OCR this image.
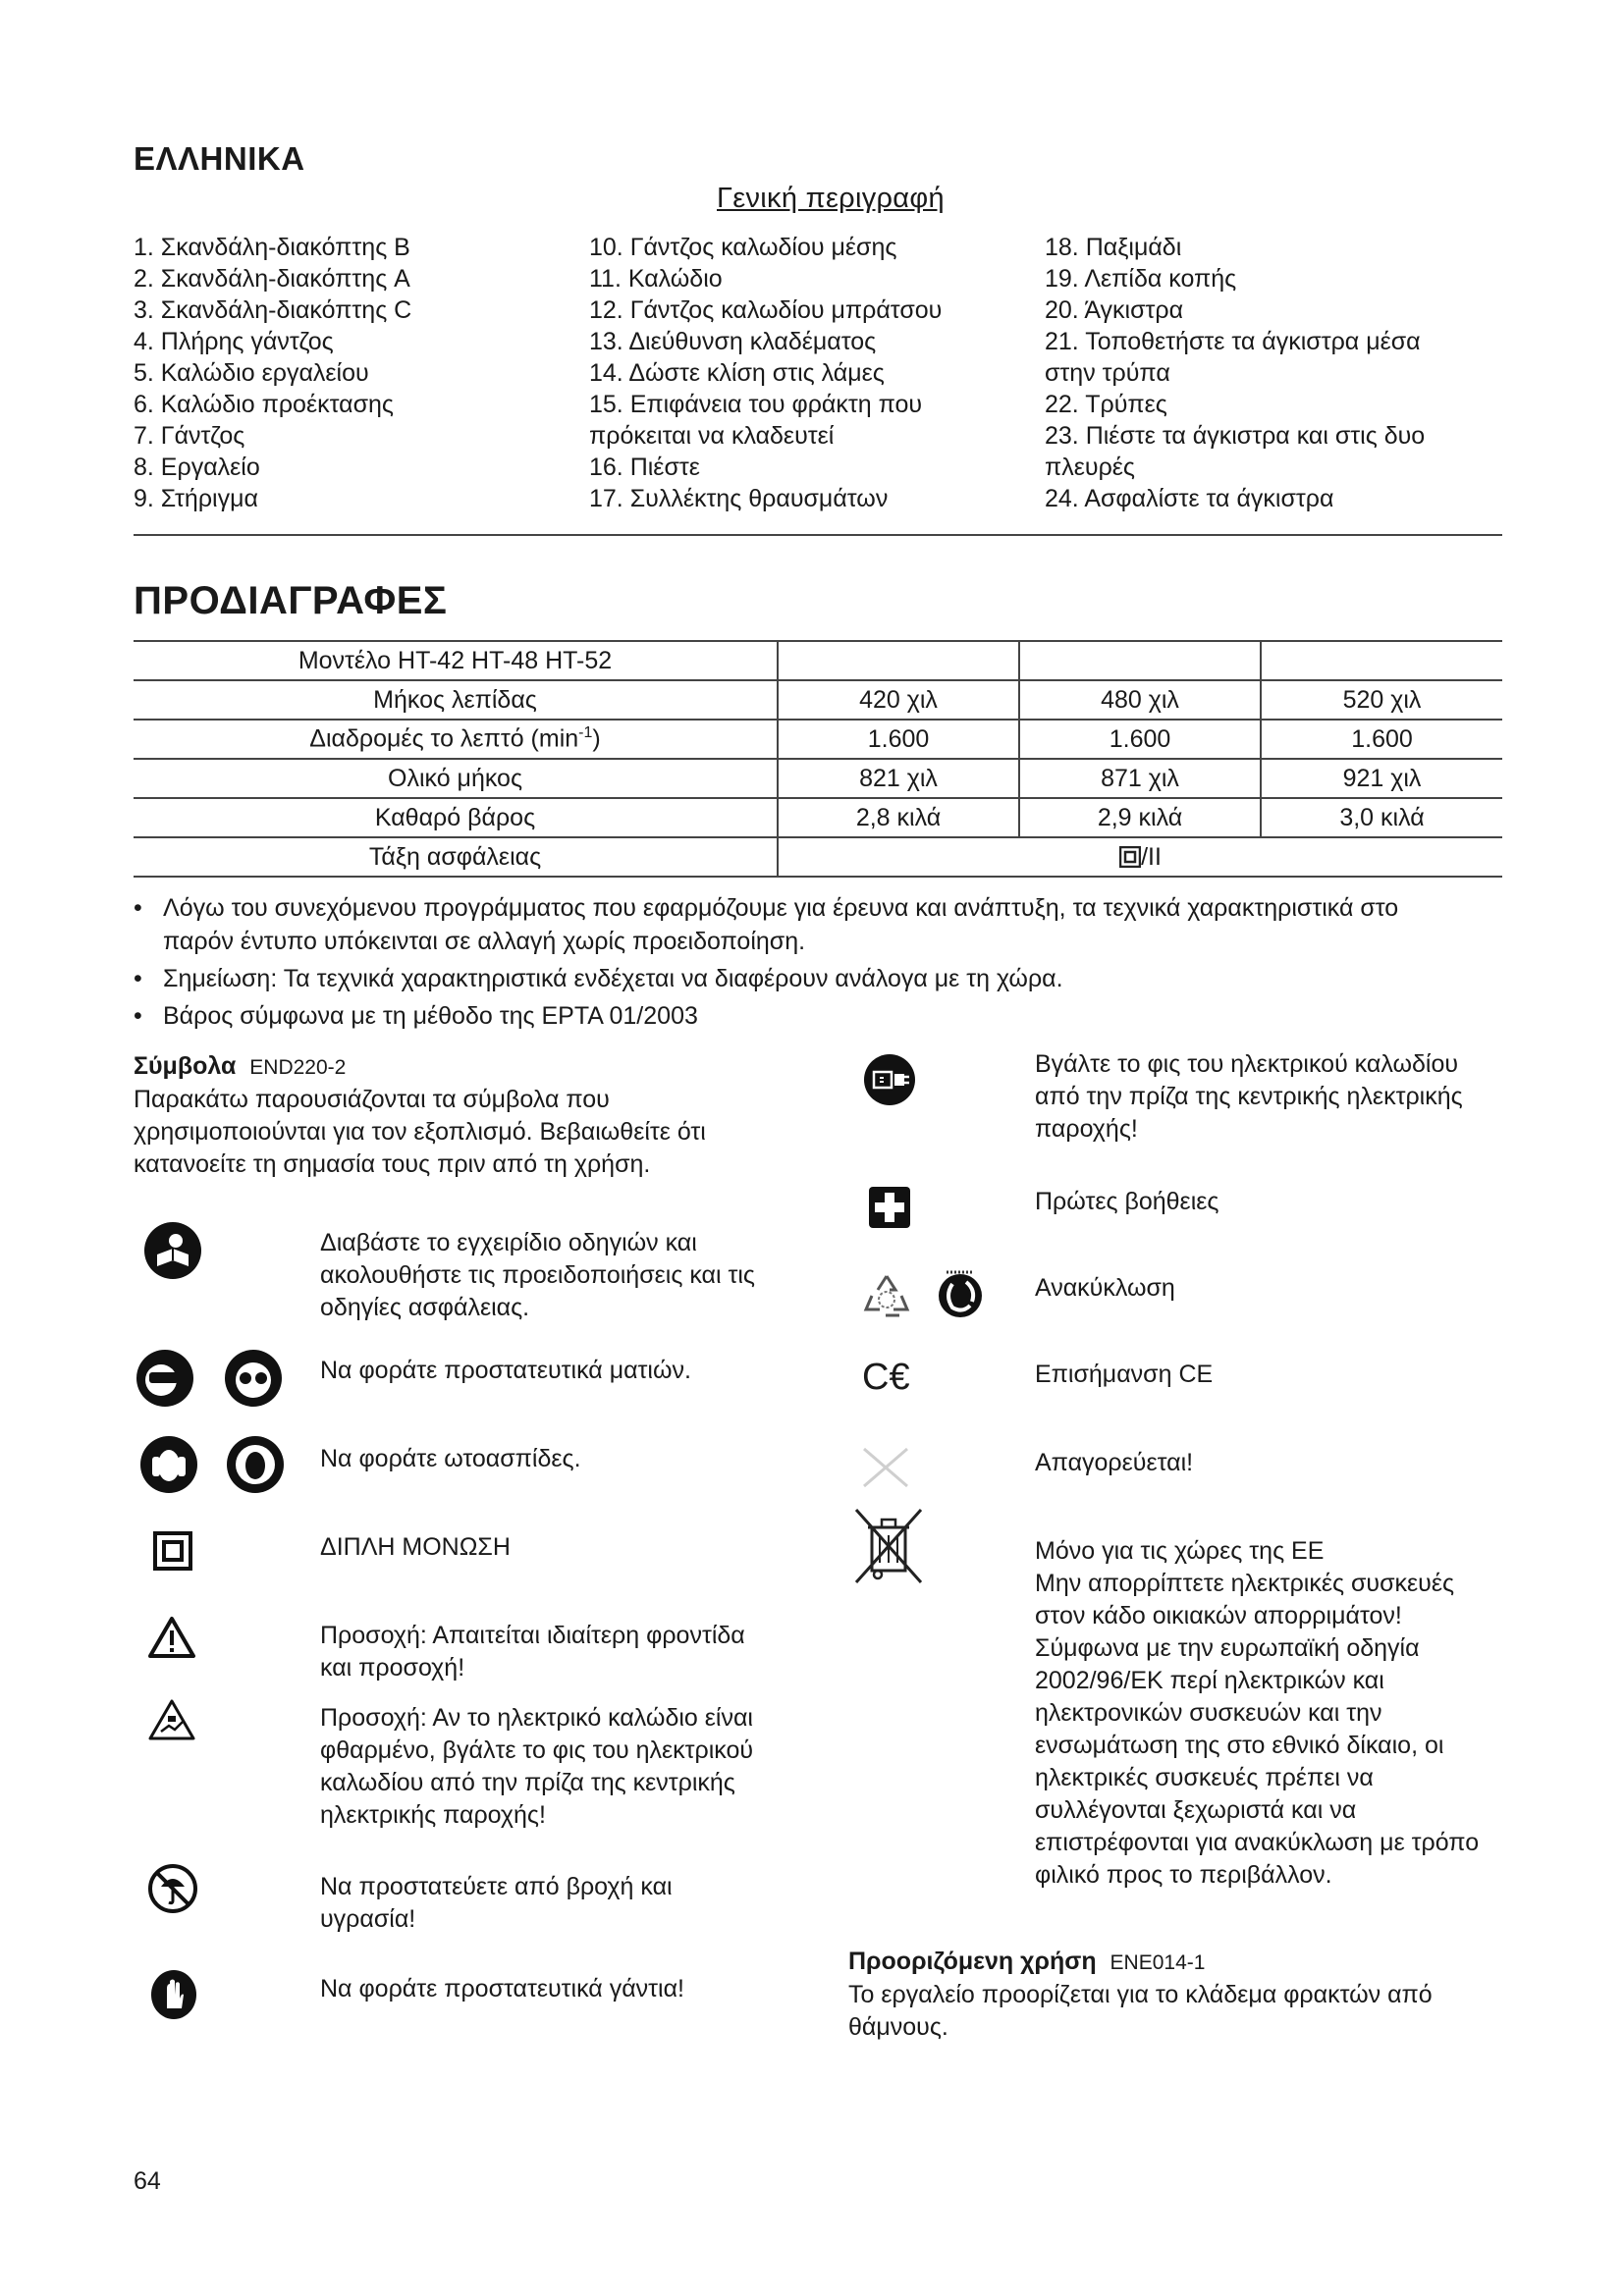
ΕΛΛΗΝΙΚΑ
Γενική περιγραφή
1. Σκανδάλη-διακόπτης B
2. Σκανδάλη-διακόπτης A
3. Σκανδάλη-διακόπτης C
4. Πλήρης γάντζος
5. Καλώδιο εργαλείου
6. Καλώδιο προέκτασης
7. Γάντζος
8. Εργαλείο
9. Στήριγμα
10. Γάντζος καλωδίου μέσης
11. Καλώδιο
12. Γάντζος καλωδίου μπράτσου
13. Διεύθυνση κλαδέματος
14. Δώστε κλίση στις λάμες
15. Επιφάνεια του φράκτη που
πρόκειται να κλαδευτεί
16. Πιέστε
17. Συλλέκτης θραυσμάτων
18. Παξιμάδι
19. Λεπίδα κοπής
20. Άγκιστρα
21. Τοποθετήστε τα άγκιστρα μέσα
στην τρύπα
22. Τρύπες
23. Πιέστε τα άγκιστρα και στις δυο
πλευρές
24. Ασφαλίστε τα άγκιστρα
ΠΡΟΔΙΑΓΡΑΦΕΣ
Μοντέλο HT-42 HT-48 HT-52			
Μήκος λεπίδας	420 χιλ	480 χιλ	520 χιλ
Διαδρομές το λεπτό $(\min^{-1})$	1.600	1.600	1.600
Ολικό μήκος	821 χιλ	871 χιλ	921 χιλ
Καθαρό βάρος	2,8 κιλά	2,9 κιλά	3,0 κιλά
Τάξη ασφάλειας	/II		
• Λόγω του συνεχόμενου προγράμματος που εφαρμόζουμε για έρευνα και ανάπτυξη, τα τεχνικά χαρακτηριστικά στο
παρόν έντυπο υπόκεινται σε αλλαγή χωρίς προειδοποίηση.
• Σημείωση: Τα τεχνικά χαρακτηριστικά ενδέχεται να διαφέρουν ανάλογα με τη χώρα.
• Βάρος σύμφωνα με τη μέθοδο της EPTA 01/2003
Σύμβολα END220-2
Παρακάτω παρουσιάζονται τα σύμβολα που
χρησιμοποιούνται για τον εξοπλισμό. Βεβαιωθείτε ότι
κατανοείτε τη σημασία τους πριν από τη χρήση.
Διαβάστε το εγχειρίδιο οδηγιών και
ακολουθήστε τις προειδοποιήσεις και τις
οδηγίες ασφάλειας.
Να φοράτε προστατευτικά ματιών.
Να φοράτε ωτοασπίδες.
ΔΙΠΛΗ ΜΟΝΩΣΗ
Προσοχή: Απαιτείται ιδιαίτερη φροντίδα
και προσοχή!
Προσοχή: Αν το ηλεκτρικό καλώδιο είναι
φθαρμένο, βγάλτε το φις του ηλεκτρικού
καλωδίου από την πρίζα της κεντρικής
ηλεκτρικής παροχής!
Να προστατεύετε από βροχή και
υγρασία!
Να φοράτε προστατευτικά γάντια!
Βγάλτε το φις του ηλεκτρικού καλωδίου
από την πρίζα της κεντρικής ηλεκτρικής
παροχής!
Πρώτες βοήθειες
Ανακύκλωση
C€	Επισήμανση CE
Απαγορεύεται!
Μόνο για τις χώρες της ΕΕ
Μην απορρίπτετε ηλεκτρικές συσκευές
στον κάδο οικιακών απορριμάτον!
Σύμφωνα με την ευρωπαϊκή οδηγία
2002/96/ΕΚ περί ηλεκτρικών και
ηλεκτρονικών συσκευών και την
ενσωμάτωση της στο εθνικό δίκαιο, οι
ηλεκτρικές συσκευές πρέπει να
συλλέγονται ξεχωριστά και να
επιστρέφονται για ανακύκλωση με τρόπο
φιλικό προς το περιβάλλον.
Προοριζόμενη χρήση ENE014-1
Το εργαλείο προορίζεται για το κλάδεμα φρακτών από
θάμνους.
64
